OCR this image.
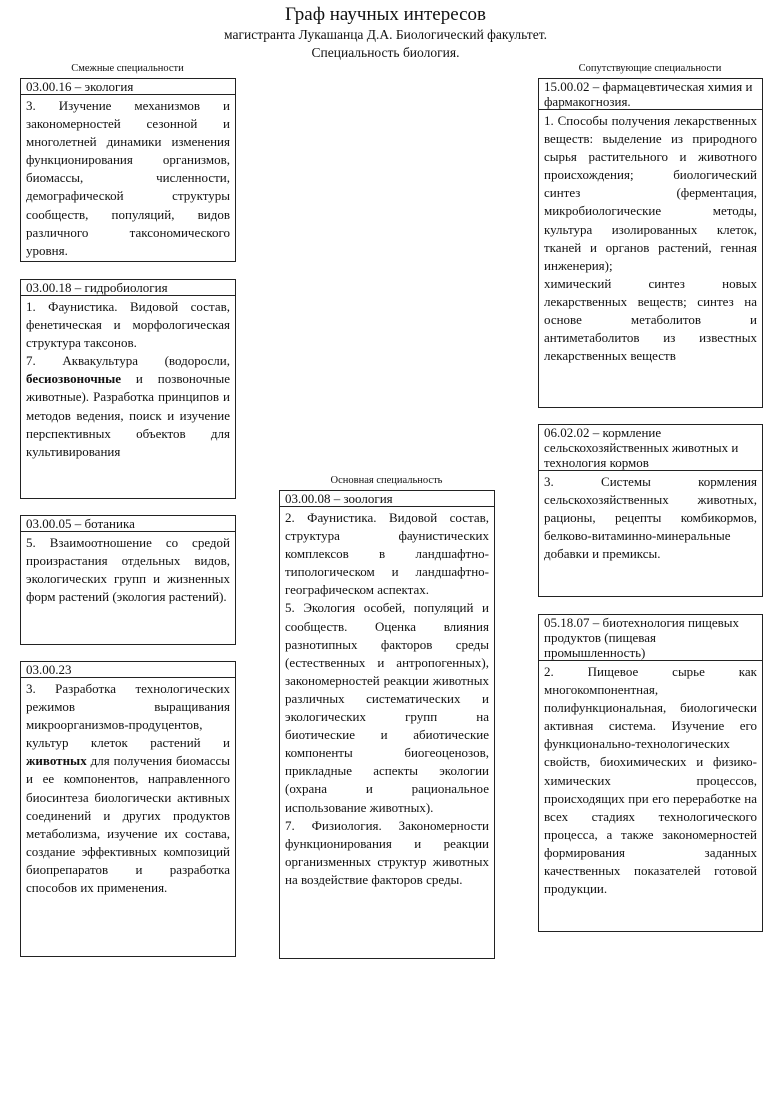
Граф научных интересов
магистранта Лукашанца Д.А. Биологический факультет.
Специальность биология.
Смежные специальности
Основная специальность
Сопутствующие специальности
03.00.16 – экология
3. Изучение механизмов и закономерностей сезонной и многолетней динамики изменения функционирования организмов, биомассы, численности, демографической структуры сообществ, популяций, видов различного таксономического уровня.
03.00.18 – гидробиология
1. Фаунистика. Видовой состав, фенетическая и морфологическая структура таксонов.
7. Аквакультура (водоросли, бесиозвоночные и позвоночные животные). Разработка принципов и методов ведения, поиск и изучение перспективных объектов для культивирования
03.00.05 – ботаника
5. Взаимоотношение со средой произрастания отдельных видов, экологических групп и жизненных форм растений (экология растений).
03.00.23
3. Разработка технологических режимов выращивания микроорганизмов-продуцентов, культур клеток растений и животных для получения биомассы и ее компонентов, направленного биосинтеза биологически активных соединений и других продуктов метаболизма, изучение их состава, создание эффективных композиций биопрепаратов и разработка способов их применения.
03.00.08 – зоология
2. Фаунистика. Видовой состав, структура фаунистических комплексов в ландшафтно-типологическом и ландшафтно-географическом аспектах.
5. Экология особей, популяций и сообществ. Оценка влияния разнотипных факторов среды (естественных и антропогенных), закономерностей реакции животных различных систематических и экологических групп на биотические и абиотические компоненты биогеоценозов, прикладные аспекты экологии (охрана и рациональное использование животных).
7. Физиология. Закономерности функционирования и реакции организменных структур животных на воздействие факторов среды.
15.00.02 – фармацевтическая химия и фармакогнозия.
1. Способы получения лекарственных веществ: выделение из природного сырья растительного и животного происхождения; биологический синтез (ферментация, микробиологические методы, культура изолированных клеток, тканей и органов растений, генная инженерия);
химический синтез новых лекарственных веществ; синтез на основе метаболитов и антиметаболитов из известных лекарственных веществ
06.02.02 – кормление сельскохозяйственных животных и технология кормов
3. Системы кормления сельскохозяйственных животных, рационы, рецепты комбикормов, белково-витаминно-минеральные добавки и премиксы.
05.18.07 – биотехнология пищевых продуктов (пищевая промышленность)
2. Пищевое сырье как многокомпонентная, полифункциональная, биологически активная система. Изучение его функционально-технологических свойств, биохимических и физико-химических процессов, происходящих при его переработке на всех стадиях технологического процесса, а также закономерностей формирования заданных качественных показателей готовой продукции.
